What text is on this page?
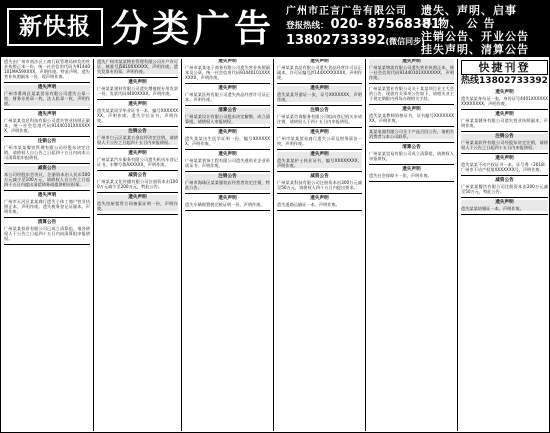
新快报 分类广告 广州市正言广告有限公司
登报热线： 020- 87568381
13802733392(微信同步)
遗失、声明、启事
寻 物、 公 告
注销公告、开业公告
挂失声明、清算公告
遗失由广州市南沙区工商行政管理局核发的营业执照正本一份，统一社会信用代码为91440101MA59XXXX，声明作废。特此声明。遗失营业执照副本一份，现声明作废。
遗失声明
广州市番禺区某某贸易有限公司遗失公章一枚、财务专用章一枚、法人私章一枚，声明作废。
遗失声明
广州某某信息科技有限公司遗失营业执照正副本，统一社会信用代码91440101XXXXXXX，声明作废。
注销公告
广州市某某餐饮管理有限公司经股东决定注销，请债权人自公告之日起四十五日内向本公司清算组申报债权。
减资公告
本公司经股东会决议，注册资本由人民币500万元减少至100万元，请债权人自公告之日起四十五日内提出清偿债务或提供相应担保。
遗失声明
广州市天河区某某商行遗失个体工商户营业执照正本，声明作废。遗失税务登记证副本，声明作废。
清算公告
广州某某投资有限公司已成立清算组，请各债权人于公告之日起四十五日内向清算组申报债权。
遗失广州市某某物业管理有限公司开户许可证，核准号J5810XXXXXX，声明作废。遗失发票专用章，声明作废。
遗失声明
广州某某建材有限公司遗失增值税专用发票一份，发票代码4400XXXX，声明作废。
遗失声明
遗失某某同学毕业证书一本，编号XXXXXXXX，声明作废。遗失学位证书，声明作废。
注销公告
广州市白云区某某五金店经决定注销，请债权人于公告之日起四十五日内申报债权。
遗失声明
广州某某汽车服务有限公司遗失机动车登记证书，车牌号粤AXXXXX，声明作废。
减资公告
广州某某文化传播有限公司注册资本由1000万元减少至200万元，特此公告。
遗失声明
遗失房屋租赁合同备案证明一份，声明作废。
遗失声明
广州市某某电子商务有限公司遗失营业执照副本及公章，统一社会信用代码91440101XXXXXXX，声明作废。
遗失声明
广州某某医药有限公司遗失药品经营许可证正本，声明作废。
清算公告
广州某某设计有限公司股东决定解散，成立清算组，请债权人申报债权。
遗失声明
遗失某某出生医学证明一份，编号XXXXXXX，声明作废。
遗失声明
广州某某装饰工程有限公司遗失建筑业企业资质证书，声明作废。
注销公告
广州市海珠区某某服装店经营者决定注销，特此公告。
遗失声明
遗失车辆购置税完税证明一份，声明作废。
遗失声明
广州某某食品有限公司遗失食品经营许可证正副本，许可证编号JY144XXXXXXXX，声明作废。
遗失声明
遗失某某导游证一张，证号XXXXXXX，声明作废。
注销公告
广州某某咨询服务有限公司拟向登记机关申请注销，请债权人于四十五日内申报债权。
遗失声明
广州市某某贸易商行遗失公章及财务章各一枚，声明作废。
遗失声明
遗失某某护士执业证书，编号XXXXXXXX，声明作废。
减资公告
广州某某科技有限公司注册资本由300万元减至50万元，请债权人四十五日内提出要求。
遗失声明
遗失道路运输证一本，声明作废。
遗失声明
广州某某物流有限公司遗失营业执照正本，统一社会信用代码91440101XXXXXXX，声明作废。
广州某某置业有限公司关于某某项目业主大会的公告，现就有关事项公告如下，请相关业主于规定期限内到场办理相关手续。
遗失声明
遗失某某教师资格证书，证书编号XXXXXXXXX，声明作废。
某某电器有限公司关于产品召回公告，请相关消费者与本公司联系。
清算公告
广州某某贸易有限公司成立清算组，请债权人申报债权。
遗失声明
遗失社会保障卡一张，声明作废。
快捷刊登
热线13802733392
遗失声明
遗失某某身份证一张，身份证号4401XXXXXXXXXXXXXX，声明作废。
遗失声明
广州某某健身有限公司遗失营业执照副本，声明作废。
注销公告
广州某某软件有限公司经股东决定注销，请债权人于公告之日起四十五日内申报债权。
遗失声明
遗失某某不动产权证书一本，证号粤（2018）广州市不动产权第XXXXXXX号，声明作废。
减资公告
广州某某餐饮有限公司注册资本由200万元减至50万元，特此公告。
遗失声明
遗失某某结婚证一本，声明作废。
